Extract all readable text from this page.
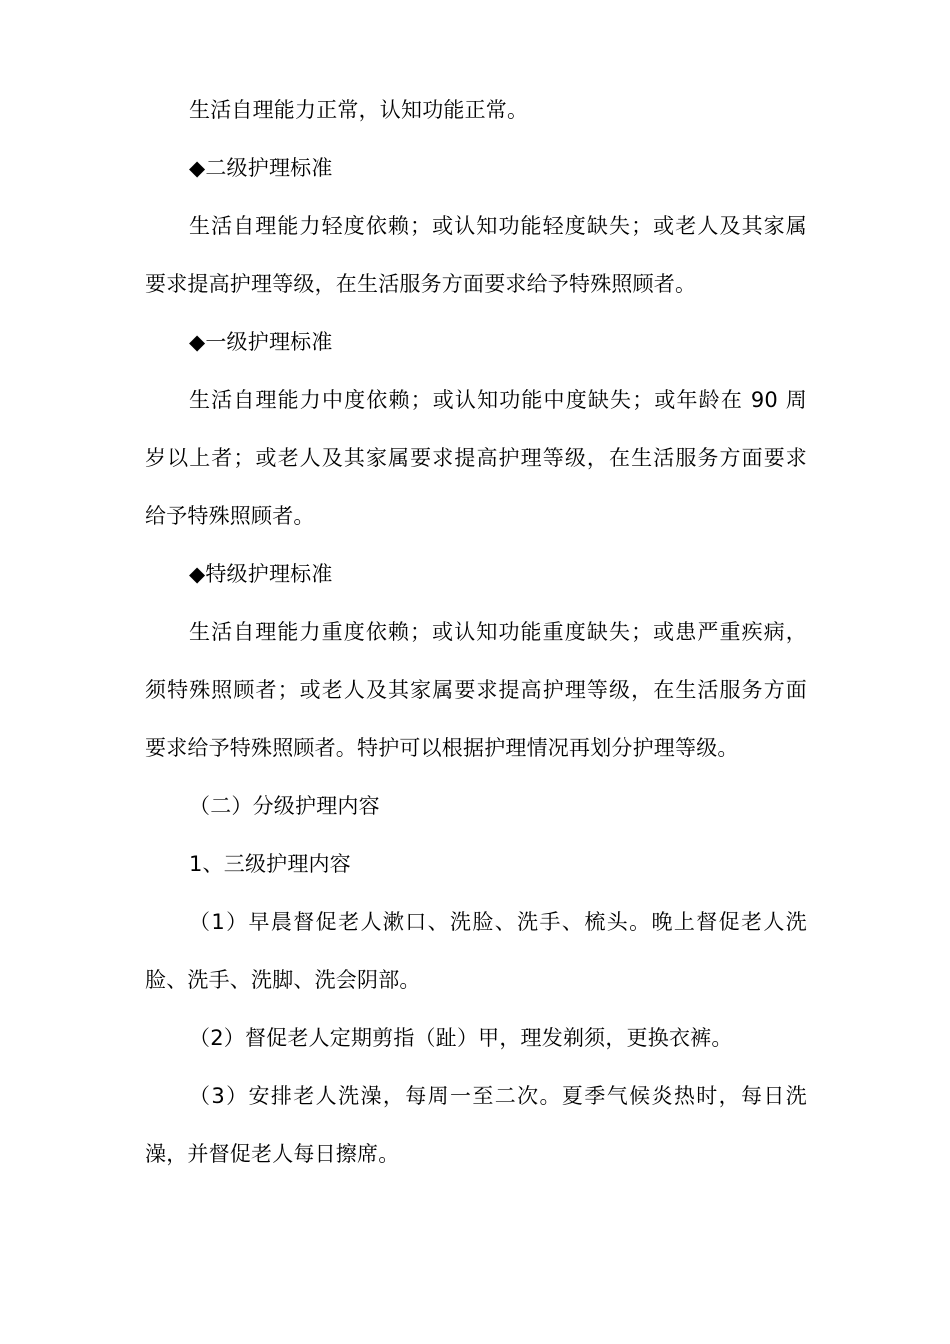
生活自理能力正常，认知功能正常。
◆二级护理标准
生活自理能力轻度依赖；或认知功能轻度缺失；或老人及其家属
要求提高护理等级，在生活服务方面要求给予特殊照顾者。
◆一级护理标准
生活自理能力中度依赖；或认知功能中度缺失；或年龄在 90 周
岁以上者；或老人及其家属要求提高护理等级，在生活服务方面要求
给予特殊照顾者。
◆特级护理标准
生活自理能力重度依赖；或认知功能重度缺失；或患严重疾病，
须特殊照顾者；或老人及其家属要求提高护理等级，在生活服务方面
要求给予特殊照顾者。特护可以根据护理情况再划分护理等级。
（二）分级护理内容
1、三级护理内容
（1）早晨督促老人漱口、洗脸、洗手、梳头。晚上督促老人洗
脸、洗手、洗脚、洗会阴部。
（2）督促老人定期剪指（趾）甲，理发剃须，更换衣裤。
（3）安排老人洗澡，每周一至二次。夏季气候炎热时，每日洗
澡，并督促老人每日擦席。
